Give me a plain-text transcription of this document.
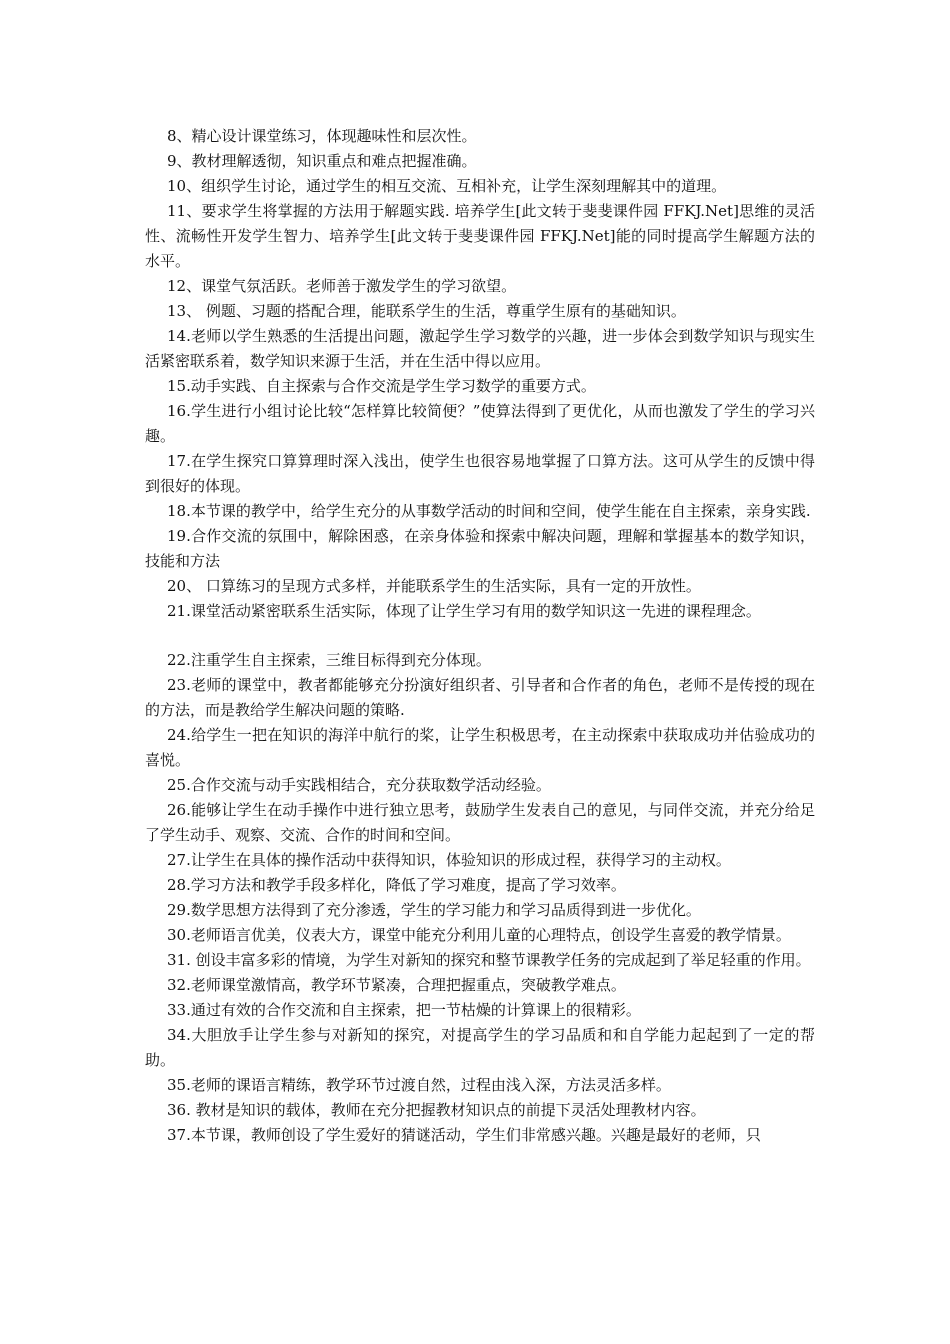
8、精心设计课堂练习，体现趣味性和层次性。

9、教材理解透彻，知识重点和难点把握准确。

10、组织学生讨论，通过学生的相互交流、互相补充，让学生深刻理解其中的道理。

11、要求学生将掌握的方法用于解题实践. 培养学生[此文转于斐斐课件园 FFKJ.Net]思维的灵活性、流畅性开发学生智力、培养学生[此文转于斐斐课件园 FFKJ.Net]能的同时提高学生解题方法的水平。

12、课堂气氛活跃。老师善于激发学生的学习欲望。

13、 例题、习题的搭配合理，能联系学生的生活，尊重学生原有的基础知识。

14.老师以学生熟悉的生活提出问题，激起学生学习数学的兴趣，进一步体会到数学知识与现实生活紧密联系着，数学知识来源于生活，并在生活中得以应用。

15.动手实践、自主探索与合作交流是学生学习数学的重要方式。

16.学生进行小组讨论比较“怎样算比较简便？”使算法得到了更优化，从而也激发了学生的学习兴趣。

17.在学生探究口算算理时深入浅出，使学生也很容易地掌握了口算方法。这可从学生的反馈中得到很好的体现。

18.本节课的教学中，给学生充分的从事数学活动的时间和空间，使学生能在自主探索，亲身实践.

19.合作交流的氛围中，解除困惑，在亲身体验和探索中解决问题，理解和掌握基本的数学知识，技能和方法

20、 口算练习的呈现方式多样，并能联系学生的生活实际，具有一定的开放性。

21.课堂活动紧密联系生活实际，体现了让学生学习有用的数学知识这一先进的课程理念。

22.注重学生自主探索，三维目标得到充分体现。

23.老师的课堂中，教者都能够充分扮演好组织者、引导者和合作者的角色，老师不是传授的现在的方法，而是教给学生解决问题的策略.

24.给学生一把在知识的海洋中航行的桨，让学生积极思考，在主动探索中获取成功并估验成功的喜悦。

25.合作交流与动手实践相结合，充分获取数学活动经验。

26.能够让学生在动手操作中进行独立思考，鼓励学生发表自己的意见，与同伴交流，并充分给足了学生动手、观察、交流、合作的时间和空间。

27.让学生在具体的操作活动中获得知识，体验知识的形成过程，获得学习的主动权。

28.学习方法和教学手段多样化，降低了学习难度，提高了学习效率。

29.数学思想方法得到了充分渗透，学生的学习能力和学习品质得到进一步优化。

30.老师语言优美，仪表大方，课堂中能充分利用儿童的心理特点，创设学生喜爱的教学情景。

31. 创设丰富多彩的情境，为学生对新知的探究和整节课教学任务的完成起到了举足轻重的作用。

32.老师课堂激情高，教学环节紧凑，合理把握重点，突破教学难点。

33.通过有效的合作交流和自主探索，把一节枯燥的计算课上的很精彩。

34.大胆放手让学生参与对新知的探究，对提高学生的学习品质和和自学能力起起到了一定的帮助。

35.老师的课语言精练，教学环节过渡自然，过程由浅入深，方法灵活多样。

36. 教材是知识的载体，教师在充分把握教材知识点的前提下灵活处理教材内容。

37.本节课，教师创设了学生爱好的猜谜活动，学生们非常感兴趣。兴趣是最好的老师，只
